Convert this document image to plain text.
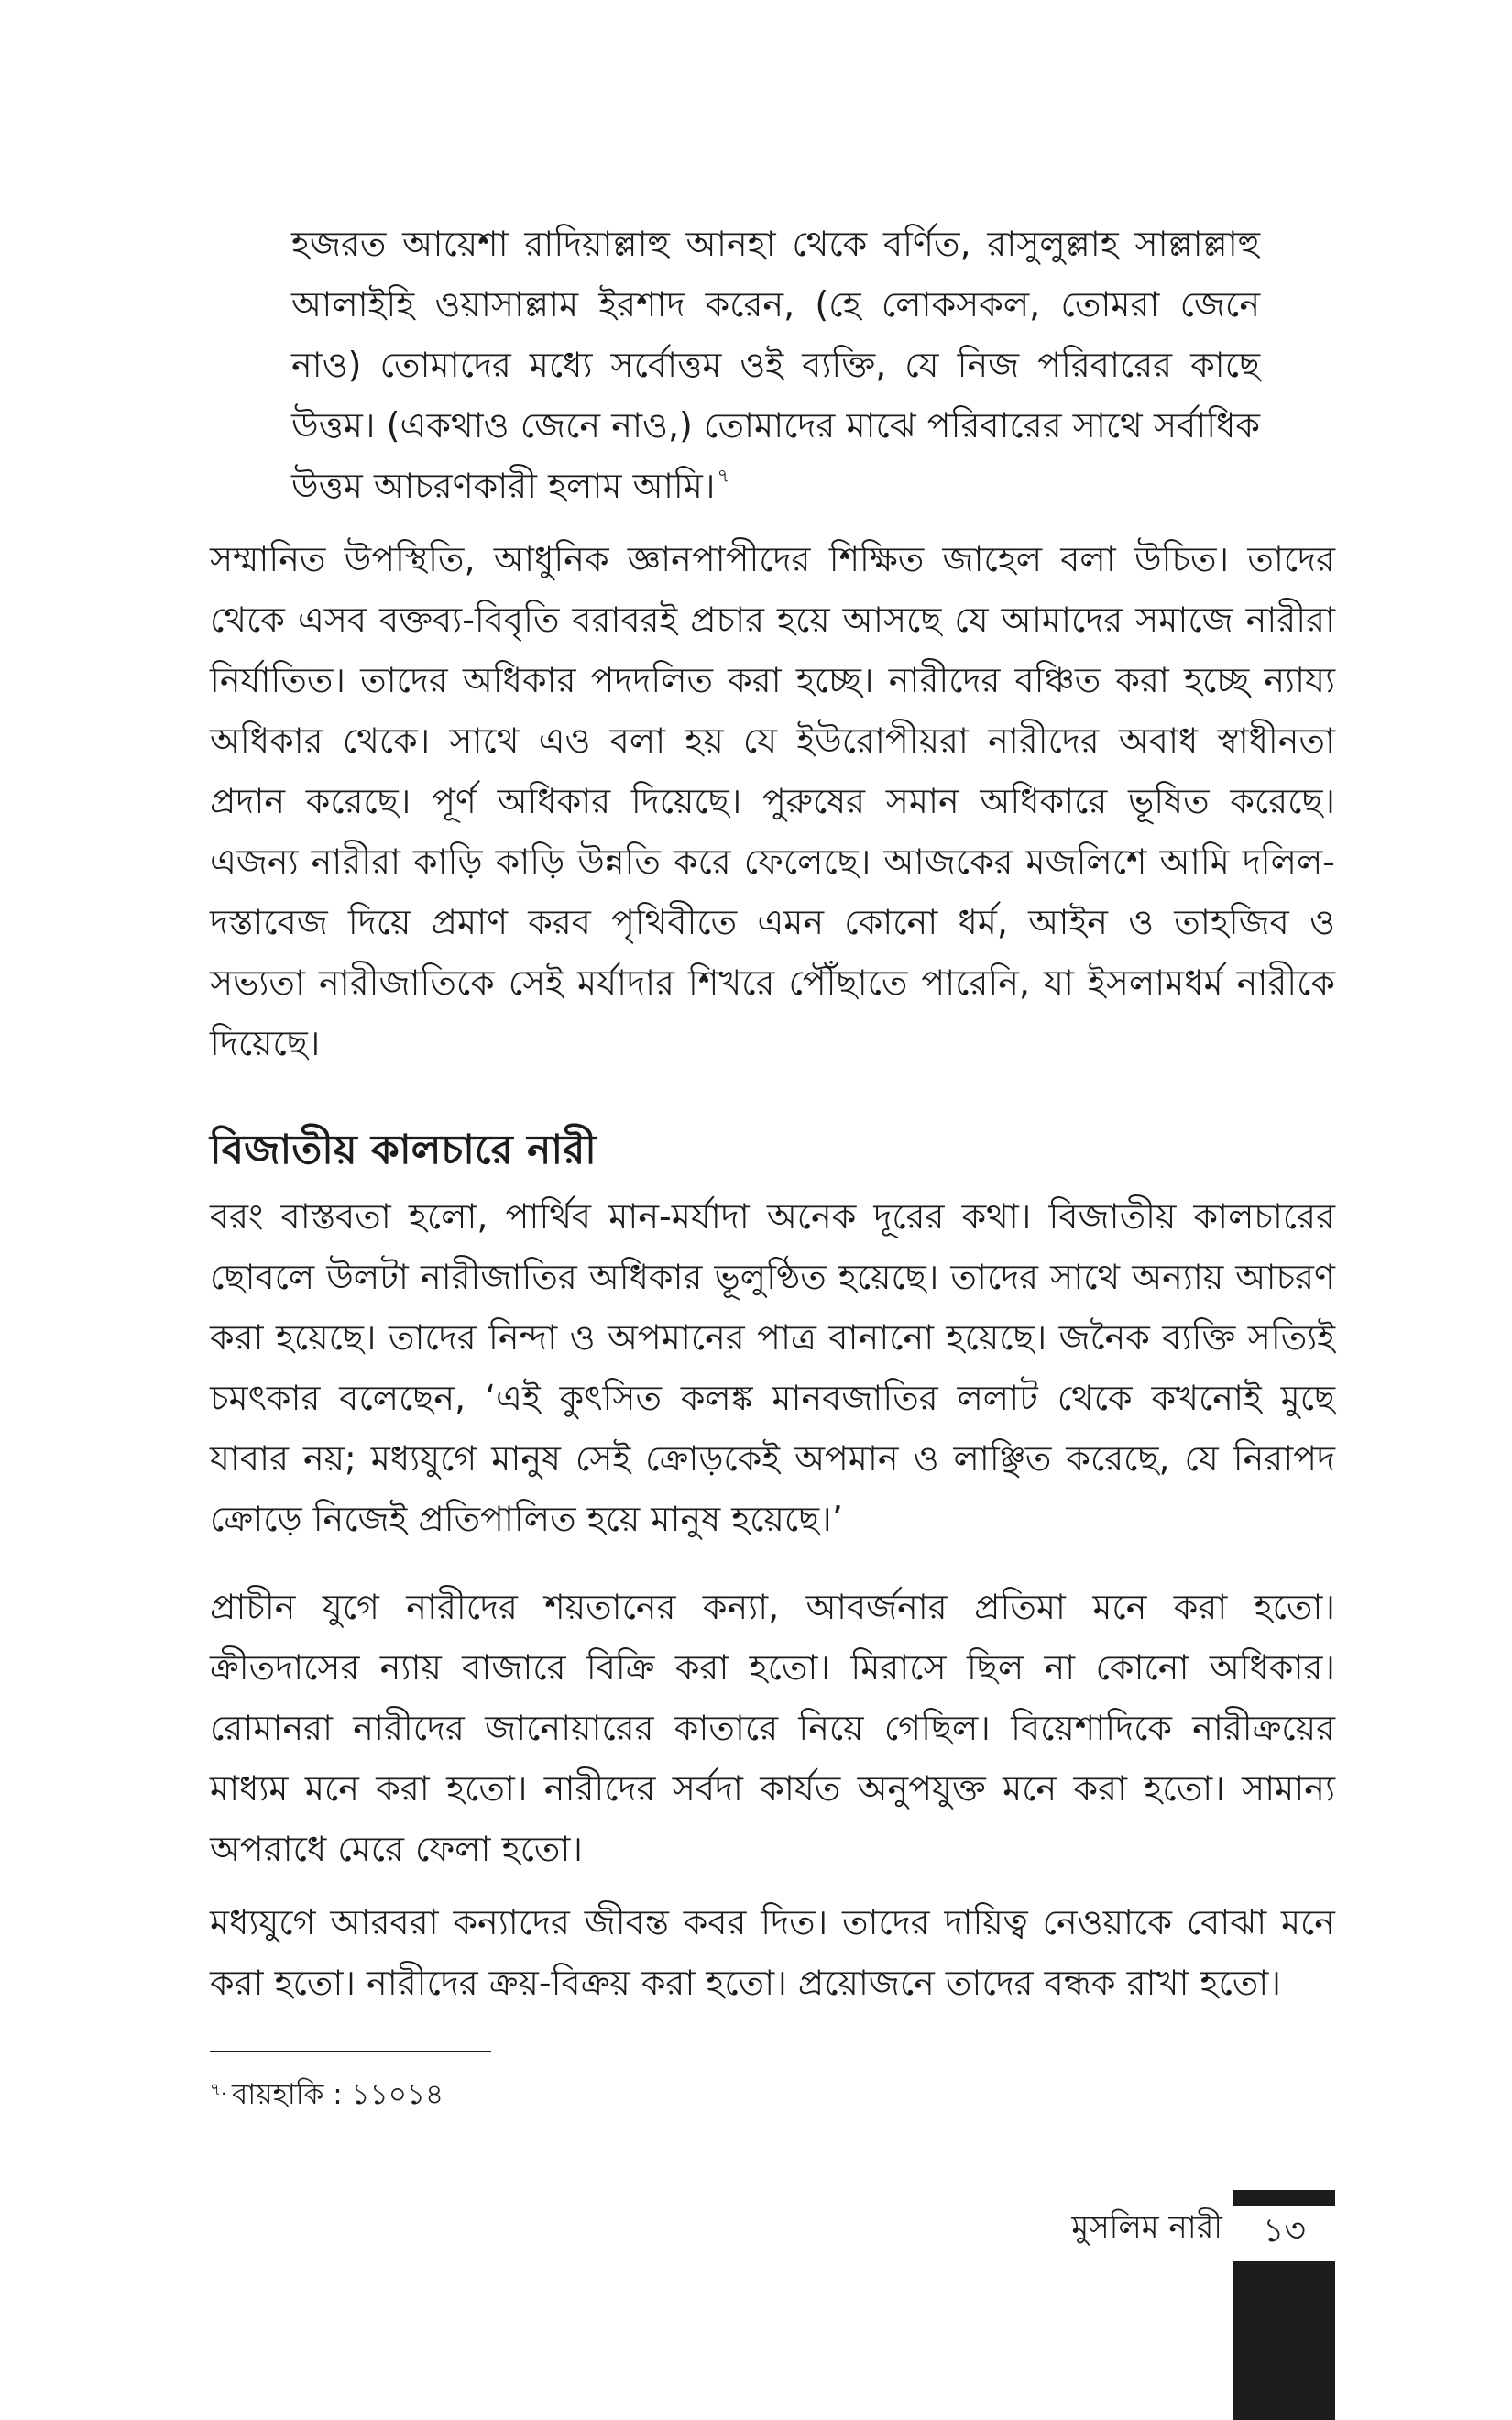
হজরত আয়েশা রাদিয়াল্লাহু আনহা থেকে বর্ণিত, রাসুলুল্লাহ সাল্লাল্লাহু আলাইহি ওয়াসাল্লাম ইরশাদ করেন, (হে লোকসকল, তোমরা জেনে নাও) তোমাদের মধ্যে সর্বোত্তম ওই ব্যক্তি, যে নিজ পরিবারের কাছে উত্তম। (একথাও জেনে নাও,) তোমাদের মাঝে পরিবারের সাথে সর্বাধিক উত্তম আচরণকারী হলাম আমি।$^৭$

সম্মানিত উপস্থিতি, আধুনিক জ্ঞানপাপীদের শিক্ষিত জাহেল বলা উচিত। তাদের থেকে এসব বক্তব্য-বিবৃতি বরাবরই প্রচার হয়ে আসছে যে আমাদের সমাজে নারীরা নির্যাতিত। তাদের অধিকার পদদলিত করা হচ্ছে। নারীদের বঞ্চিত করা হচ্ছে ন্যায্য অধিকার থেকে। সাথে এও বলা হয় যে ইউরোপীয়রা নারীদের অবাধ স্বাধীনতা প্রদান করেছে। পূর্ণ অধিকার দিয়েছে। পুরুষের সমান অধিকারে ভূষিত করেছে। এজন্য নারীরা কাড়ি কাড়ি উন্নতি করে ফেলেছে। আজকের মজলিশে আমি দলিল-দস্তাবেজ দিয়ে প্রমাণ করব পৃথিবীতে এমন কোনো ধর্ম, আইন ও তাহজিব ও সভ্যতা নারীজাতিকে সেই মর্যাদার শিখরে পৌঁছাতে পারেনি, যা ইসলামধর্ম নারীকে দিয়েছে।

বিজাতীয় কালচারে নারী

বরং বাস্তবতা হলো, পার্থিব মান-মর্যাদা অনেক দূরের কথা। বিজাতীয় কালচারের ছোবলে উলটা নারীজাতির অধিকার ভূলুণ্ঠিত হয়েছে। তাদের সাথে অন্যায় আচরণ করা হয়েছে। তাদের নিন্দা ও অপমানের পাত্র বানানো হয়েছে। জনৈক ব্যক্তি সত্যিই চমৎকার বলেছেন, ‘এই কুৎসিত কলঙ্ক মানবজাতির ললাট থেকে কখনোই মুছে যাবার নয়; মধ্যযুগে মানুষ সেই ক্রোড়কেই অপমান ও লাঞ্ছিত করেছে, যে নিরাপদ ক্রোড়ে নিজেই প্রতিপালিত হয়ে মানুষ হয়েছে।’

প্রাচীন যুগে নারীদের শয়তানের কন্যা, আবর্জনার প্রতিমা মনে করা হতো। ক্রীতদাসের ন্যায় বাজারে বিক্রি করা হতো। মিরাসে ছিল না কোনো অধিকার। রোমানরা নারীদের জানোয়ারের কাতারে নিয়ে গেছিল। বিয়েশাদিকে নারীক্রয়ের মাধ্যম মনে করা হতো। নারীদের সর্বদা কার্যত অনুপযুক্ত মনে করা হতো। সামান্য অপরাধে মেরে ফেলা হতো।

মধ্যযুগে আরবরা কন্যাদের জীবন্ত কবর দিত। তাদের দায়িত্ব নেওয়াকে বোঝা মনে করা হতো। নারীদের ক্রয়-বিক্রয় করা হতো। প্রয়োজনে তাদের বন্ধক রাখা হতো।

$^{৭.}$ বায়হাকি : ১১০১৪
মুসলিম নারী	১৩
